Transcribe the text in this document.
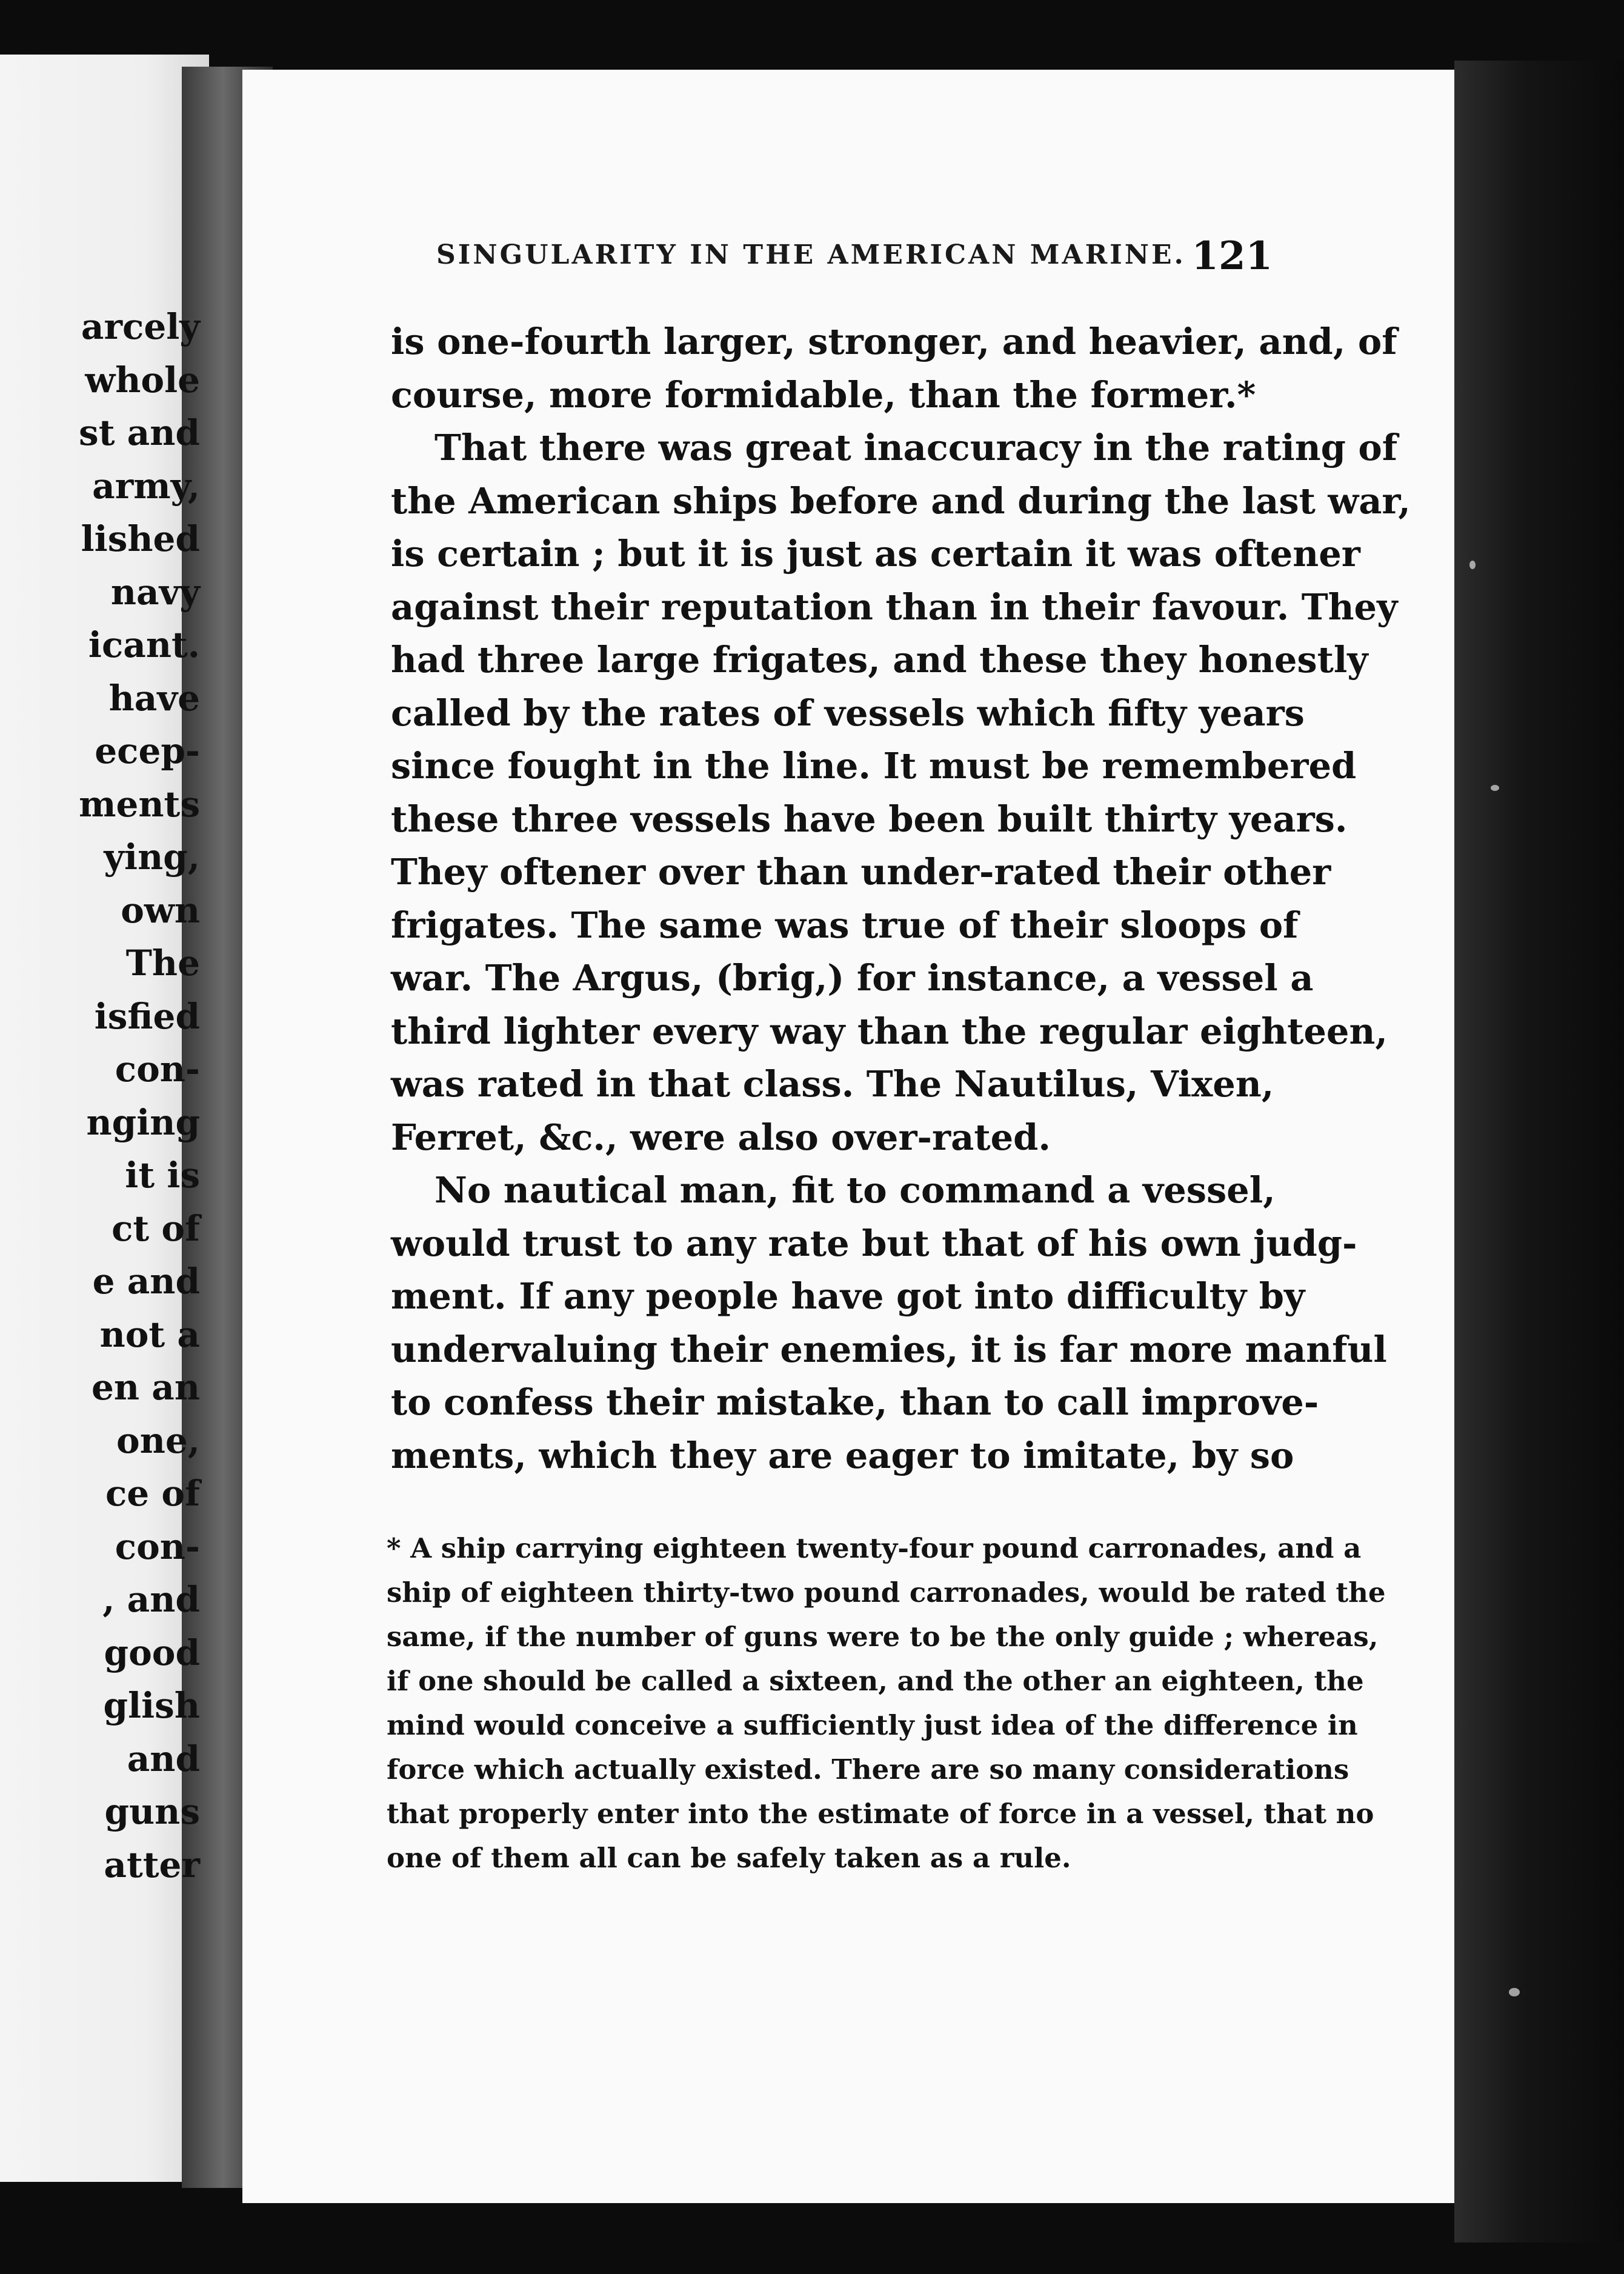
arcely
whole
st and
army,
lished
navy
icant.
have
ecep-
ments
ying,
own
The
isfied
con-
nging
it is
ct of
e and
not a
en an
one,
ce of
con-
, and
good
glish
and
guns
atter
SINGULARITY IN THE AMERICAN MARINE. 121
is one-fourth larger, stronger, and heavier, and, of
course, more formidable, than the former.*
That there was great inaccuracy in the rating of
the American ships before and during the last war,
is certain ; but it is just as certain it was oftener
against their reputation than in their favour. They
had three large frigates, and these they honestly
called by the rates of vessels which fifty years
since fought in the line. It must be remembered
these three vessels have been built thirty years.
They oftener over than under-rated their other
frigates. The same was true of their sloops of
war. The Argus, (brig,) for instance, a vessel a
third lighter every way than the regular eighteen,
was rated in that class. The Nautilus, Vixen,
Ferret, &c., were also over-rated.
No nautical man, fit to command a vessel,
would trust to any rate but that of his own judg-
ment. If any people have got into difficulty by
undervaluing their enemies, it is far more manful
to confess their mistake, than to call improve-
ments, which they are eager to imitate, by so
* A ship carrying eighteen twenty-four pound carronades, and a
ship of eighteen thirty-two pound carronades, would be rated the
same, if the number of guns were to be the only guide ; whereas,
if one should be called a sixteen, and the other an eighteen, the
mind would conceive a sufficiently just idea of the difference in
force which actually existed. There are so many considerations
that properly enter into the estimate of force in a vessel, that no
one of them all can be safely taken as a rule.
